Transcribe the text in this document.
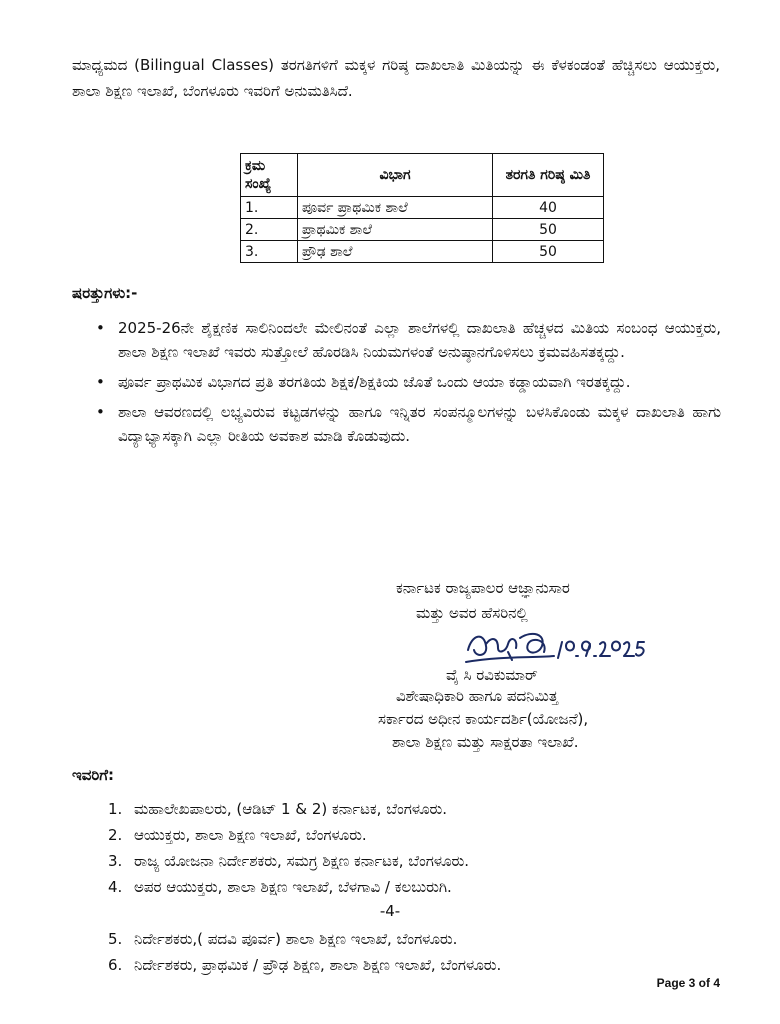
ಮಾಧ್ಯಮದ (Bilingual Classes) ತರಗತಿಗಳಿಗೆ ಮಕ್ಕಳ ಗರಿಷ್ಠ ದಾಖಲಾತಿ ಮಿತಿಯನ್ನು ಈ ಕೆಳಕಂಡಂತೆ ಹೆಚ್ಚಿಸಲು ಆಯುಕ್ತರು, ಶಾಲಾ ಶಿಕ್ಷಣ ಇಲಾಖೆ, ಬೆಂಗಳೂರು ಇವರಿಗೆ ಅನುಮತಿಸಿದೆ.

ಕ್ರಮ ಸಂಖ್ಯೆ	ವಿಭಾಗ	ತರಗತಿ ಗರಿಷ್ಠ ಮಿತಿ
1.	ಪೂರ್ವ ಪ್ರಾಥಮಿಕ ಶಾಲೆ	40
2.	ಪ್ರಾಥಮಿಕ ಶಾಲೆ	50
3.	ಪ್ರೌಢ ಶಾಲೆ	50

ಷರತ್ತುಗಳು:-

• 2025-26ನೇ ಶೈಕ್ಷಣಿಕ ಸಾಲಿನಿಂದಲೇ ಮೇಲಿನಂತೆ ಎಲ್ಲಾ ಶಾಲೆಗಳಲ್ಲಿ ದಾಖಲಾತಿ ಹೆಚ್ಚಳದ ಮಿತಿಯ ಸಂಬಂಧ ಆಯುಕ್ತರು, ಶಾಲಾ ಶಿಕ್ಷಣ ಇಲಾಖೆ ಇವರು ಸುತ್ತೋಲೆ ಹೊರಡಿಸಿ ನಿಯಮಗಳಂತೆ ಅನುಷ್ಠಾನಗೊಳಿಸಲು ಕ್ರಮವಹಿಸತಕ್ಕದ್ದು.
• ಪೂರ್ವ ಪ್ರಾಥಮಿಕ ವಿಭಾಗದ ಪ್ರತಿ ತರಗತಿಯ ಶಿಕ್ಷಕ/ಶಿಕ್ಷಕಿಯ ಜೊತೆ ಒಂದು ಆಯಾ ಕಡ್ಡಾಯವಾಗಿ ಇರತಕ್ಕದ್ದು.
• ಶಾಲಾ ಆವರಣದಲ್ಲಿ ಲಭ್ಯವಿರುವ ಕಟ್ಟಡಗಳನ್ನು ಹಾಗೂ ಇನ್ನಿತರ ಸಂಪನ್ಮೂಲಗಳನ್ನು ಬಳಸಿಕೊಂಡು ಮಕ್ಕಳ ದಾಖಲಾತಿ ಹಾಗು ವಿದ್ಯಾಭ್ಯಾಸಕ್ಕಾಗಿ ಎಲ್ಲಾ ರೀತಿಯ ಅವಕಾಶ ಮಾಡಿ ಕೊಡುವುದು.

ಕರ್ನಾಟಕ ರಾಜ್ಯಪಾಲರ ಆಜ್ಞಾನುಸಾರ

ಮತ್ತು ಅವರ ಹೆಸರಿನಲ್ಲಿ

ವೈ ಸಿ ರವಿಕುಮಾರ್

ವಿಶೇಷಾಧಿಕಾರಿ ಹಾಗೂ ಪದನಿಮಿತ್ತ

ಸರ್ಕಾರದ ಅಧೀನ ಕಾರ್ಯದರ್ಶಿ(ಯೋಜನೆ),

ಶಾಲಾ ಶಿಕ್ಷಣ ಮತ್ತು ಸಾಕ್ಷರತಾ ಇಲಾಖೆ.

ಇವರಿಗೆ:

1. ಮಹಾಲೇಖಪಾಲರು, (ಆಡಿಟ್ 1 & 2) ಕರ್ನಾಟಕ, ಬೆಂಗಳೂರು.
2. ಆಯುಕ್ತರು, ಶಾಲಾ ಶಿಕ್ಷಣ ಇಲಾಖೆ, ಬೆಂಗಳೂರು.
3. ರಾಜ್ಯ ಯೋಜನಾ ನಿರ್ದೇಶಕರು, ಸಮಗ್ರ ಶಿಕ್ಷಣ ಕರ್ನಾಟಕ, ಬೆಂಗಳೂರು.
4. ಅಪರ ಆಯುಕ್ತರು, ಶಾಲಾ ಶಿಕ್ಷಣ ಇಲಾಖೆ, ಬೆಳಗಾವಿ / ಕಲಬುರುಗಿ.

-4-

5. ನಿರ್ದೇಶಕರು,( ಪದವಿ ಪೂರ್ವ) ಶಾಲಾ ಶಿಕ್ಷಣ ಇಲಾಖೆ, ಬೆಂಗಳೂರು.
6. ನಿರ್ದೇಶಕರು, ಪ್ರಾಥಮಿಕ / ಪ್ರೌಢ ಶಿಕ್ಷಣ, ಶಾಲಾ ಶಿಕ್ಷಣ ಇಲಾಖೆ, ಬೆಂಗಳೂರು.

Page 3 of 4
